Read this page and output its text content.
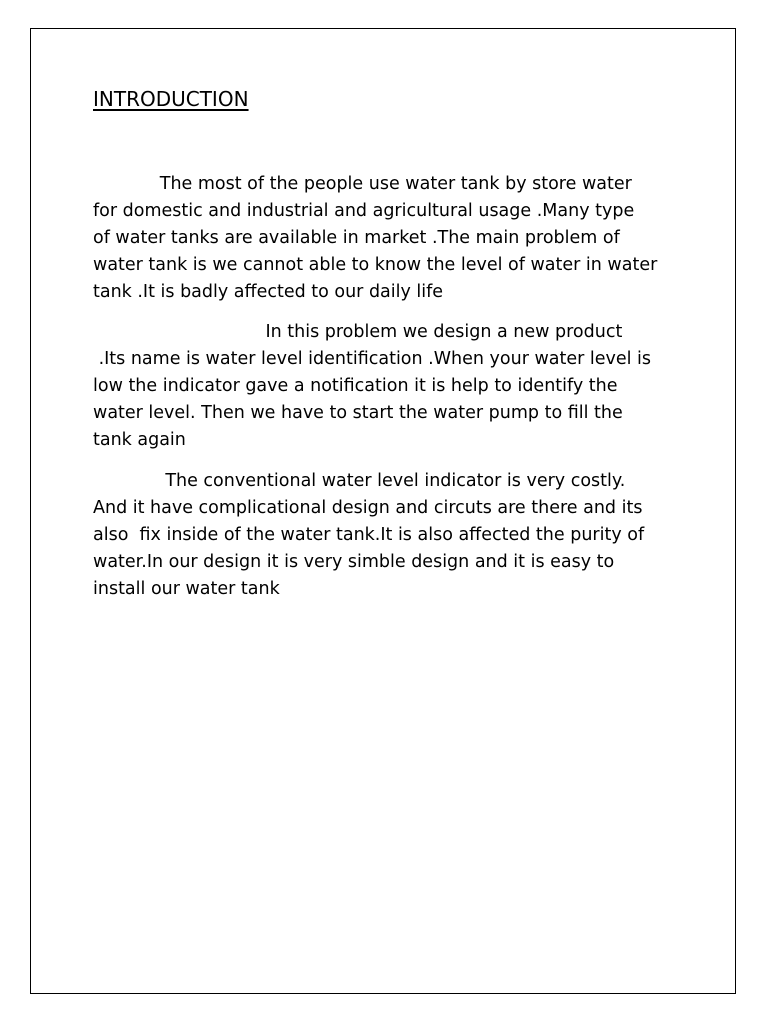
INTRODUCTION

The most of the people use water tank by store water
for domestic and industrial and agricultural usage .Many type
of water tanks are available in market .The main problem of
water tank is we cannot able to know the level of water in water
tank .It is badly affected to our daily life

In this problem we design a new product
.Its name is water level identification .When your water level is
low the indicator gave a notification it is help to identify the
water level. Then we have to start the water pump to fill the
tank again

The conventional water level indicator is very costly.
And it have complicational design and circuts are there and its
also  fix inside of the water tank.It is also affected the purity of
water.In our design it is very simble design and it is easy to
install our water tank
